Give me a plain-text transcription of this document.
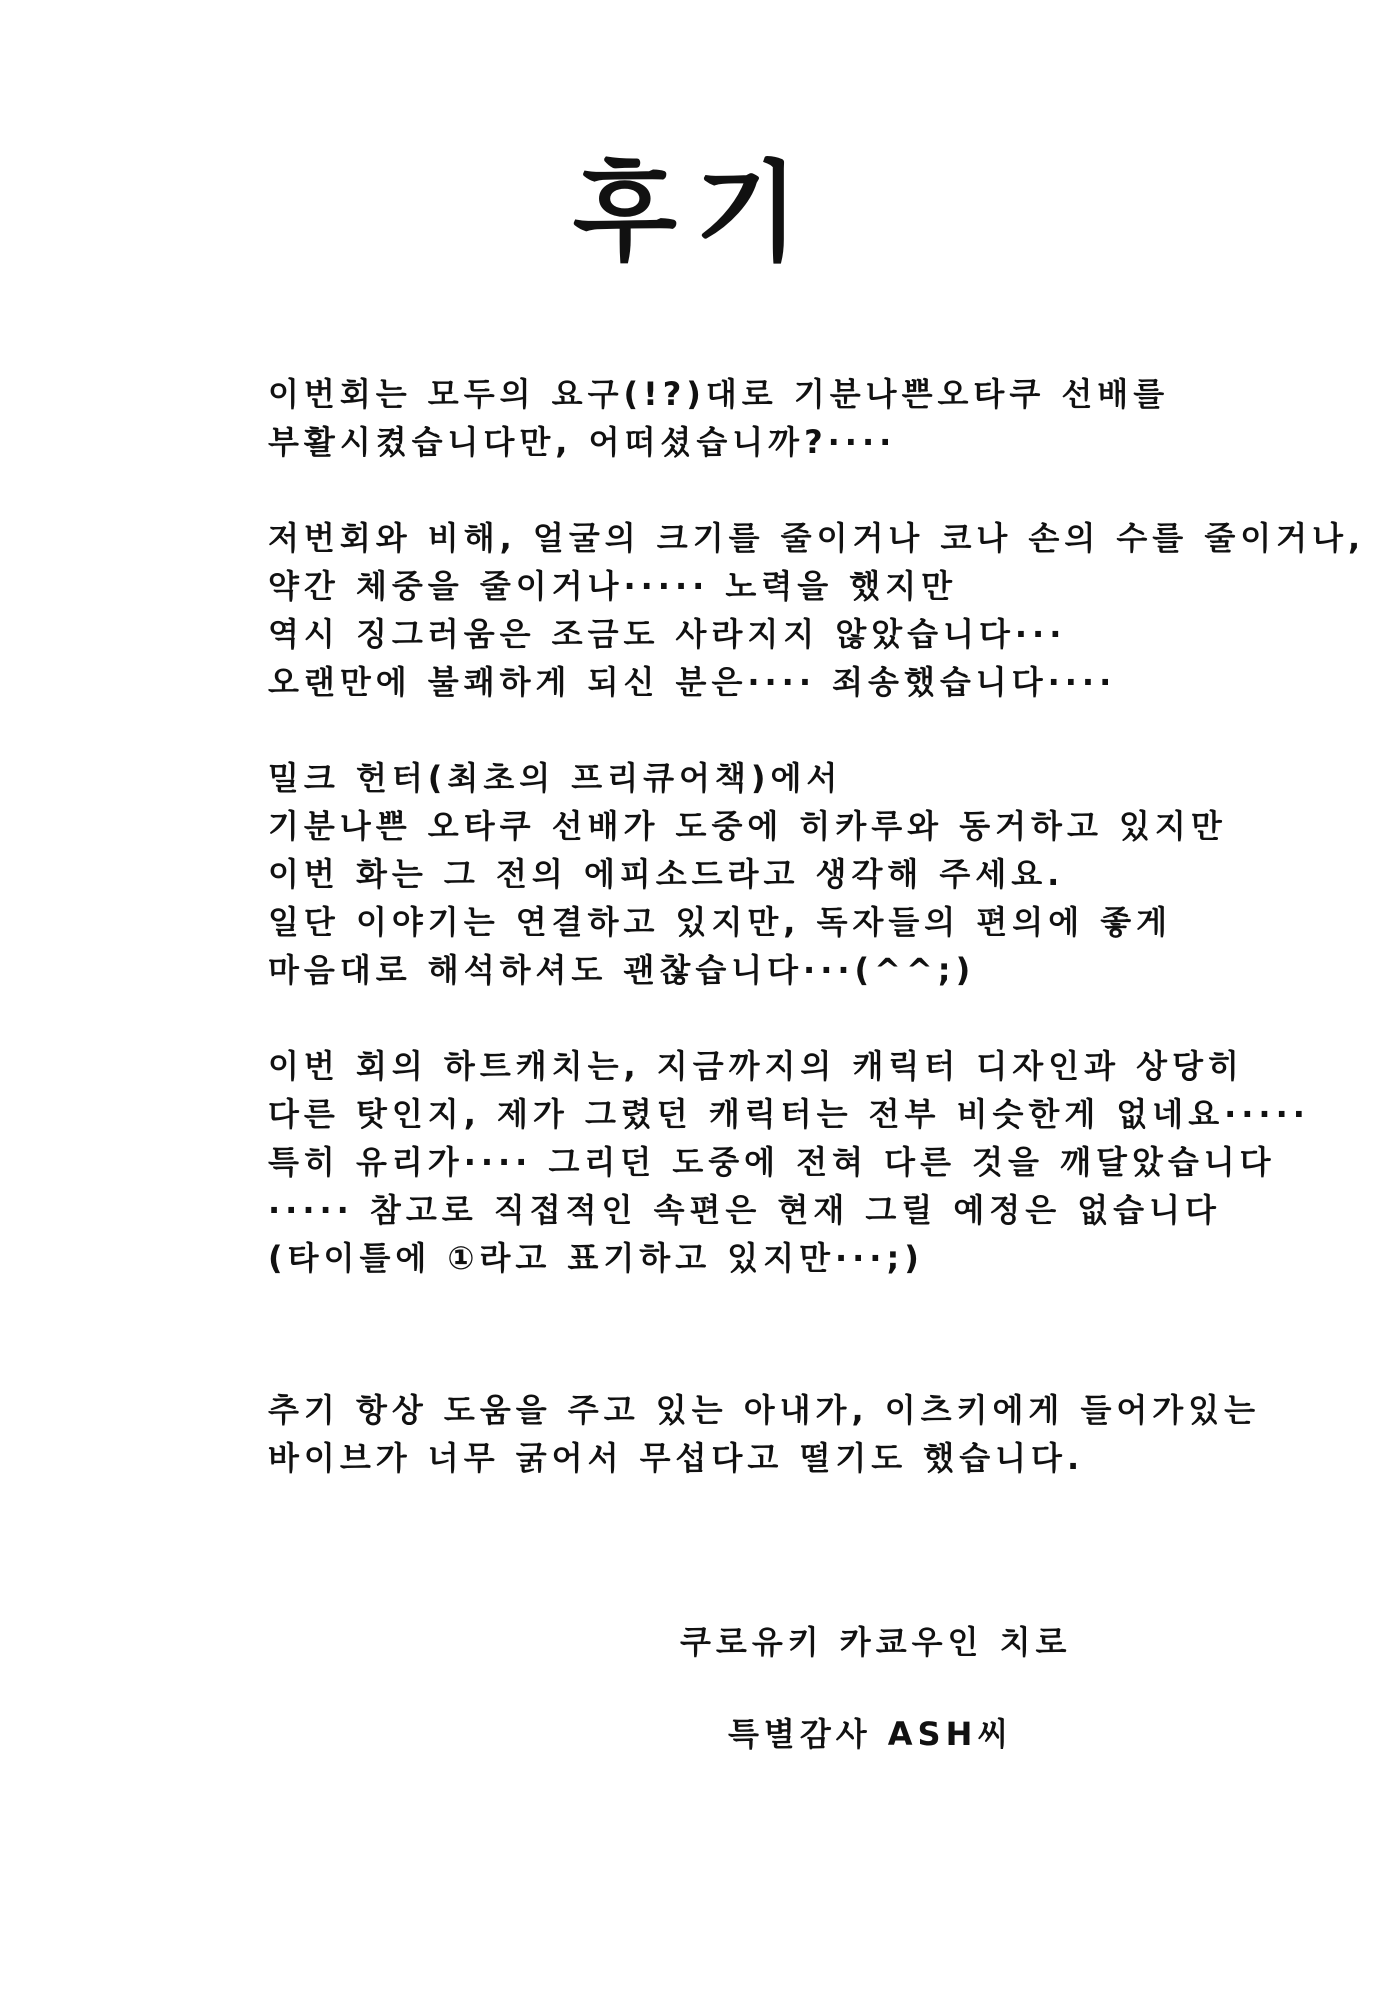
후기
이번회는 모두의 요구(!?)대로 기분나쁜오타쿠 선배를
부활시켰습니다만, 어떠셨습니까?····
저번회와 비해, 얼굴의 크기를 줄이거나 코나 손의 수를 줄이거나,
약간 체중을 줄이거나····· 노력을 했지만
역시 징그러움은 조금도 사라지지 않았습니다···
오랜만에 불쾌하게 되신 분은···· 죄송했습니다····
밀크 헌터(최초의 프리큐어책)에서
기분나쁜 오타쿠 선배가 도중에 히카루와 동거하고 있지만
이번 화는 그 전의 에피소드라고 생각해 주세요.
일단 이야기는 연결하고 있지만, 독자들의 편의에 좋게
마음대로 해석하셔도 괜찮습니다···(^^;)
이번 회의 하트캐치는, 지금까지의 캐릭터 디자인과 상당히
다른 탓인지, 제가 그렸던 캐릭터는 전부 비슷한게 없네요·····
특히 유리가···· 그리던 도중에 전혀 다른 것을 깨달았습니다
····· 참고로 직접적인 속편은 현재 그릴 예정은 없습니다
(타이틀에 ①라고 표기하고 있지만···;)
추기 항상 도움을 주고 있는 아내가, 이츠키에게 들어가있는
바이브가 너무 굵어서 무섭다고 떨기도 했습니다.
쿠로유키 카쿄우인 치로
특별감사 ASH씨
